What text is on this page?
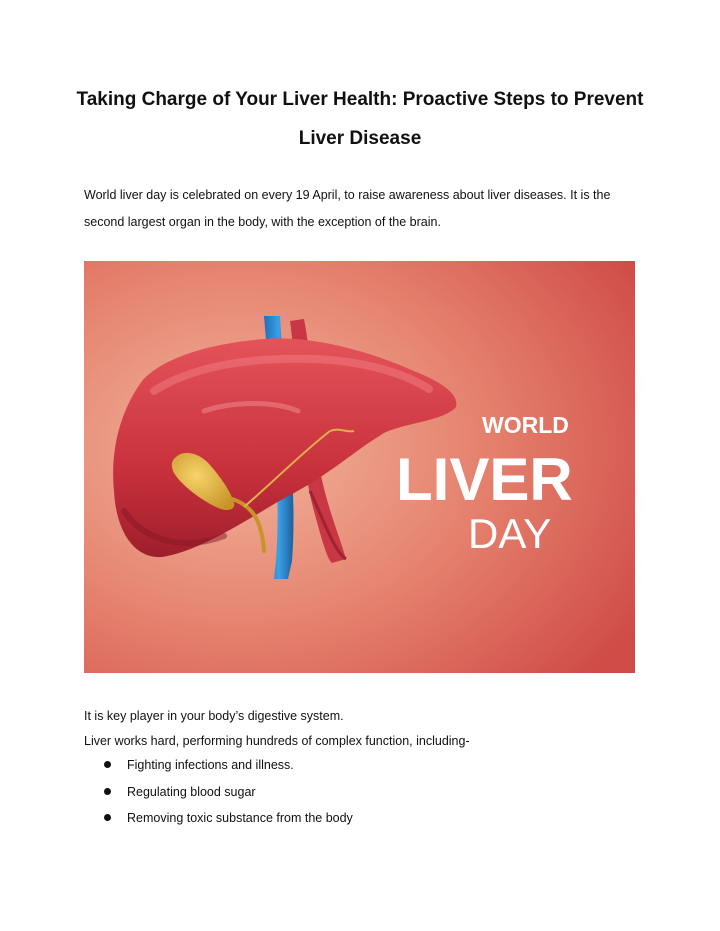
Taking Charge of Your Liver Health: Proactive Steps to Prevent Liver Disease

World liver day is celebrated on every 19 April, to raise awareness about liver diseases. It is the second largest organ in the body, with the exception of the brain.

WORLD
LIVER
DAY

It is key player in your body’s digestive system.

Liver works hard, performing hundreds of complex function, including-

Fighting infections and illness.
Regulating blood sugar
Removing toxic substance from the body
